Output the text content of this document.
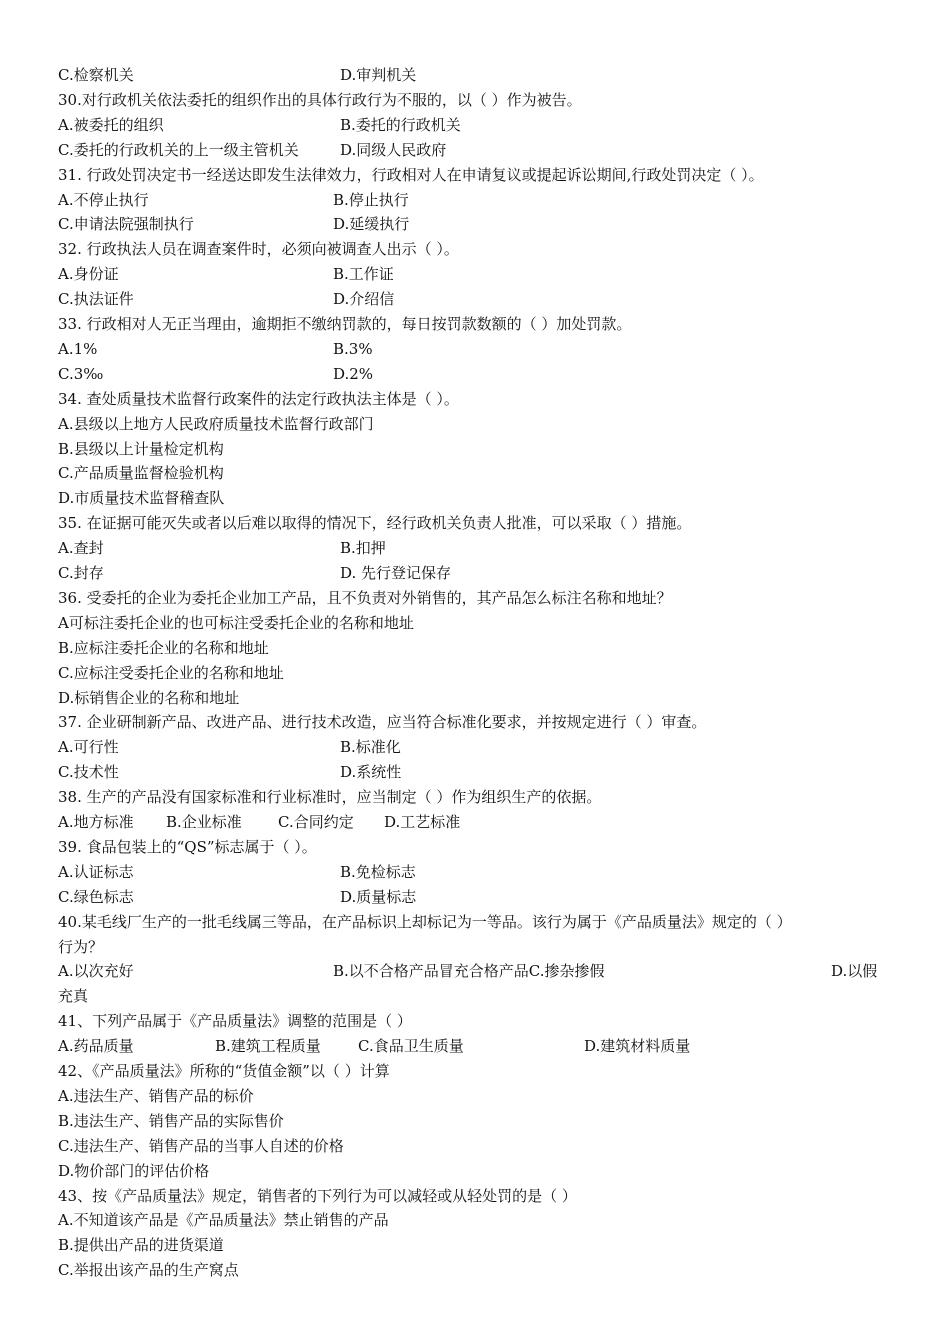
C.检察机关	D.审判机关
30.对行政机关依法委托的组织作出的具体行政行为不服的，以（ ）作为被告。
A.被委托的组织	B.委托的行政机关
C.委托的行政机关的上一级主管机关	D.同级人民政府
31. 行政处罚决定书一经送达即发生法律效力，行政相对人在申请复议或提起诉讼期间,行政处罚决定（ ）。
A.不停止执行	B.停止执行
C.申请法院强制执行	D.延缓执行
32. 行政执法人员在调查案件时，必须向被调查人出示（ ）。
A.身份证	B.工作证
C.执法证件	D.介绍信
33. 行政相对人无正当理由，逾期拒不缴纳罚款的，每日按罚款数额的（ ）加处罚款。
A.1%	B.3%
C.3‰	D.2%
34. 查处质量技术监督行政案件的法定行政执法主体是（ ）。
A.县级以上地方人民政府质量技术监督行政部门
B.县级以上计量检定机构
C.产品质量监督检验机构
D.市质量技术监督稽查队
35. 在证据可能灭失或者以后难以取得的情况下，经行政机关负责人批准，可以采取（ ）措施。
A.查封	B.扣押
C.封存	D. 先行登记保存
36. 受委托的企业为委托企业加工产品，且不负责对外销售的，其产品怎么标注名称和地址？
A可标注委托企业的也可标注受委托企业的名称和地址
B.应标注委托企业的名称和地址
C.应标注受委托企业的名称和地址
D.标销售企业的名称和地址
37. 企业研制新产品、改进产品、进行技术改造，应当符合标准化要求，并按规定进行（ ）审查。
A.可行性	B.标准化
C.技术性	D.系统性
38. 生产的产品没有国家标准和行业标准时，应当制定（ ）作为组织生产的依据。
A.地方标准 B.企业标准 C.合同约定 D.工艺标准
39. 食品包装上的“QS”标志属于（ ）。
A.认证标志	B.免检标志
C.绿色标志	D.质量标志
40.某毛线厂生产的一批毛线属三等品，在产品标识上却标记为一等品。该行为属于《产品质量法》规定的（ ）
行为？
A.以次充好	B.以不合格产品冒充合格产品C.掺杂掺假	D.以假
充真
41、下列产品属于《产品质量法》调整的范围是（ ）
A.药品质量	B.建筑工程质量 C.食品卫生质量	D.建筑材料质量
42、《产品质量法》所称的“货值金额”以（ ）计算
A.违法生产、销售产品的标价
B.违法生产、销售产品的实际售价
C.违法生产、销售产品的当事人自述的价格
D.物价部门的评估价格
43、按《产品质量法》规定，销售者的下列行为可以减轻或从轻处罚的是（ ）
A.不知道该产品是《产品质量法》禁止销售的产品
B.提供出产品的进货渠道
C.举报出该产品的生产窝点
